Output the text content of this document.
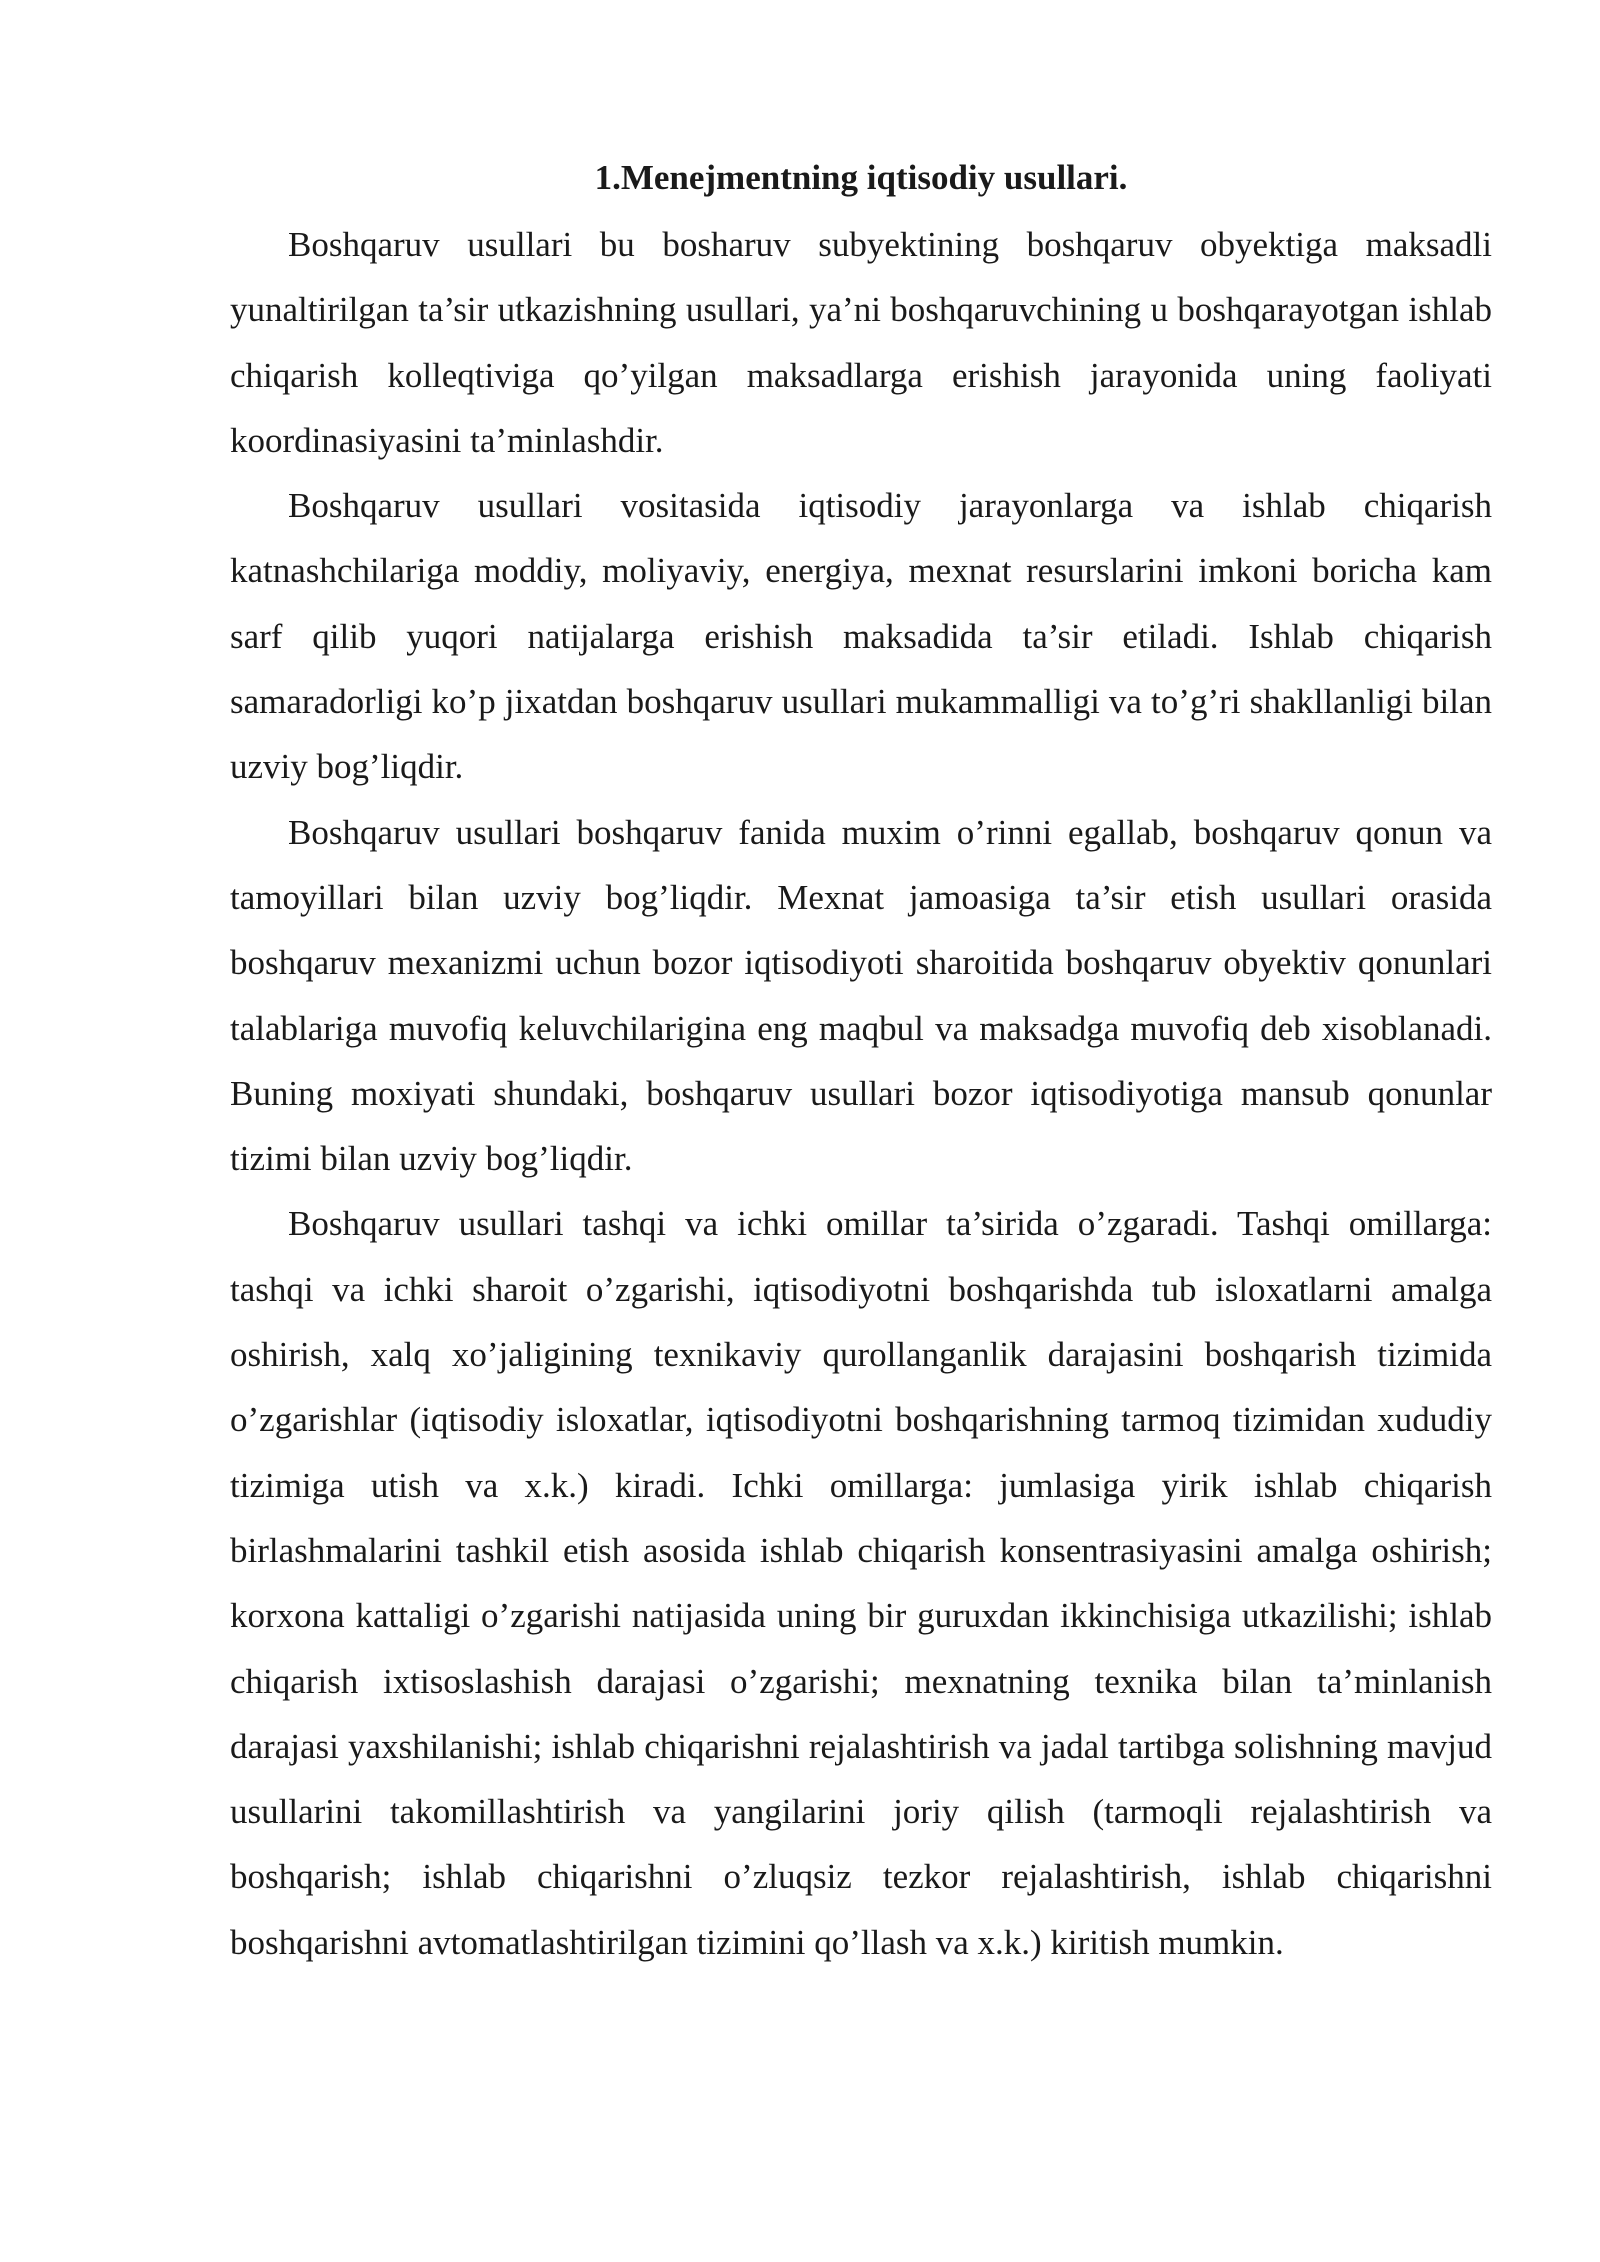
1.Menejmentning iqtisodiy usullari.

Boshqaruv usullari bu bosharuv subyektining boshqaruv obyektiga maksadli yunaltirilgan ta’sir utkazishning usullari, ya’ni boshqaruvchining u boshqarayotgan ishlab chiqarish kolleqtiviga qo’yilgan maksadlarga erishish jarayonida uning faoliyati koordinasiyasini ta’minlashdir.

Boshqaruv usullari vositasida iqtisodiy jarayonlarga va ishlab chiqarish katnashchilariga moddiy, moliyaviy, energiya, mexnat resurslarini imkoni boricha kam sarf qilib yuqori natijalarga erishish maksadida ta’sir etiladi. Ishlab chiqarish samaradorligi ko’p jixatdan boshqaruv usullari mukammalligi va to’g’ri shakllanligi bilan uzviy bog’liqdir.

Boshqaruv usullari boshqaruv fanida muxim o’rinni egallab, boshqaruv qonun va tamoyillari bilan uzviy bog’liqdir. Mexnat jamoasiga ta’sir etish usullari orasida boshqaruv mexanizmi uchun bozor iqtisodiyoti sharoitida boshqaruv obyektiv qonunlari talablariga muvofiq keluvchilariginа eng maqbul va maksadga muvofiq deb xisoblanadi. Buning moxiyati shundaki, boshqaruv usullari bozor iqtisodiyotiga mansub qonunlar tizimi bilan uzviy bog’liqdir.

Boshqaruv usullari tashqi va ichki omillar ta’sirida o’zgaradi. Tashqi omillarga: tashqi va ichki sharoit o’zgarishi, iqtisodiyotni boshqarishda tub isloxatlarni amalga oshirish, xalq xo’jaligining texnikaviy qurollanganlik darajasini boshqarish tizimida o’zgarishlar (iqtisodiy isloxatlar, iqtisodiyotni boshqarishning tarmoq tizimidan xududiy tizimiga utish va x.k.) kiradi. Ichki omillarga: jumlasiga yirik ishlab chiqarish birlashmalarini tashkil etish asosida ishlab chiqarish konsentrasiyasini amalga oshirish; korxona kattaligi o’zgarishi natijasida uning bir guruxdan ikkinchisiga utkazilishi; ishlab chiqarish ixtisoslashish darajasi o’zgarishi; mexnatning texnika bilan ta’minlanish darajasi yaxshilanishi; ishlab chiqarishni rejalashtirish va jadal tartibga solishning mavjud usullarini takomillashtirish va yangilarini joriy qilish (tarmoqli rejalashtirish va boshqarish; ishlab chiqarishni o’zluqsiz tezkor rejalashtirish, ishlab chiqarishni boshqarishni avtomatlashtirilgan tizimini qo’llash va x.k.) kiritish mumkin.
